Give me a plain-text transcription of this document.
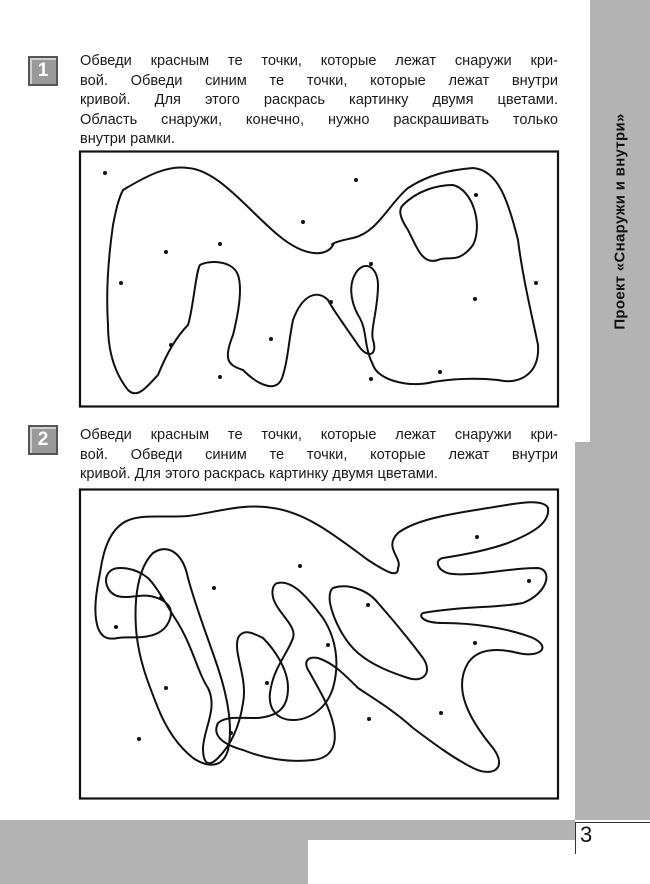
Проект «Снаружи и внутри»
1 Обведи красным те точки, которые лежат снаружи кри-
вой. Обведи синим те точки, которые лежат внутри
кривой. Для этого раскрась картинку двумя цветами.
Область снаружи, конечно, нужно раскрашивать только
внутри рамки.

2 Обведи красным те точки, которые лежат снаружи кри-
вой. Обведи синим те точки, которые лежат внутри
кривой. Для этого раскрась картинку двумя цветами.

3
